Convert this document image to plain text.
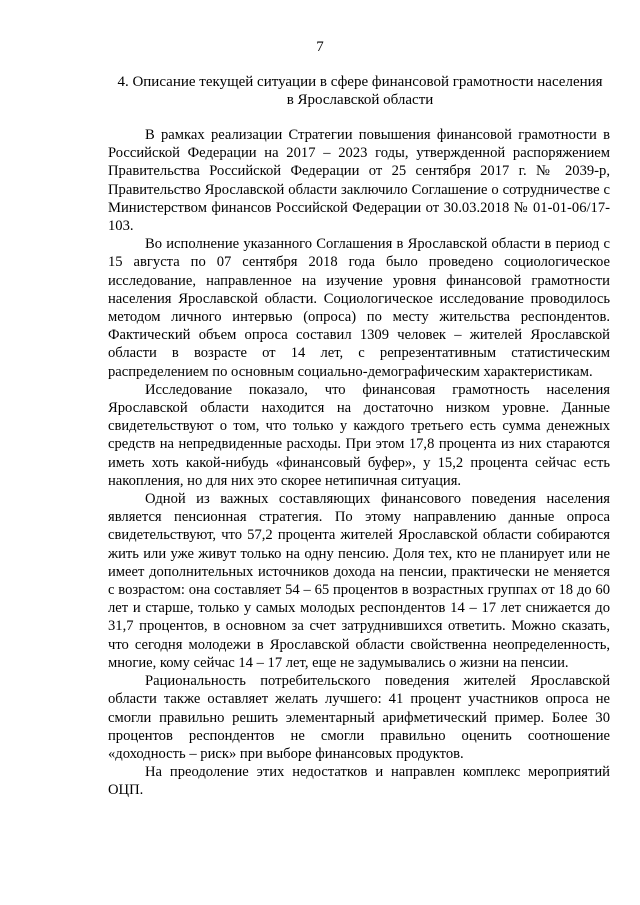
7
4. Описание текущей ситуации в сфере финансовой грамотности населения
в Ярославской области

В рамках реализации Стратегии повышения финансовой грамотности в Российской Федерации на 2017 – 2023 годы, утвержденной распоряжением Правительства Российской Федерации от 25 сентября 2017 г. № 2039-р, Правительство Ярославской области заключило Соглашение о сотрудничестве с Министерством финансов Российской Федерации от 30.03.2018 № 01-01-06/17-103.

Во исполнение указанного Соглашения в Ярославской области в период с 15 августа по 07 сентября 2018 года было проведено социологическое исследование, направленное на изучение уровня финансовой грамотности населения Ярославской области. Социологическое исследование проводилось методом личного интервью (опроса) по месту жительства респондентов. Фактический объем опроса составил 1309 человек – жителей Ярославской области в возрасте от 14 лет, с репрезентативным статистическим распределением по основным социально-демографическим характеристикам.

Исследование показало, что финансовая грамотность населения Ярославской области находится на достаточно низком уровне. Данные свидетельствуют о том, что только у каждого третьего есть сумма денежных средств на непредвиденные расходы. При этом 17,8 процента из них стараются иметь хоть какой-нибудь «финансовый буфер», у 15,2 процента сейчас есть накопления, но для них это скорее нетипичная ситуация.

Одной из важных составляющих финансового поведения населения является пенсионная стратегия. По этому направлению данные опроса свидетельствуют, что 57,2 процента жителей Ярославской области собираются жить или уже живут только на одну пенсию. Доля тех, кто не планирует или не имеет дополнительных источников дохода на пенсии, практически не меняется с возрастом: она составляет 54 – 65 процентов в возрастных группах от 18 до 60 лет и старше, только у самых молодых респондентов 14 – 17 лет снижается до 31,7 процентов, в основном за счет затруднившихся ответить. Можно сказать, что сегодня молодежи в Ярославской области свойственна неопределенность, многие, кому сейчас 14 – 17 лет, еще не задумывались о жизни на пенсии.

Рациональность потребительского поведения жителей Ярославской области также оставляет желать лучшего: 41 процент участников опроса не смогли правильно решить элементарный арифметический пример. Более 30 процентов респондентов не смогли правильно оценить соотношение «доходность – риск» при выборе финансовых продуктов.

На преодоление этих недостатков и направлен комплекс мероприятий ОЦП.
